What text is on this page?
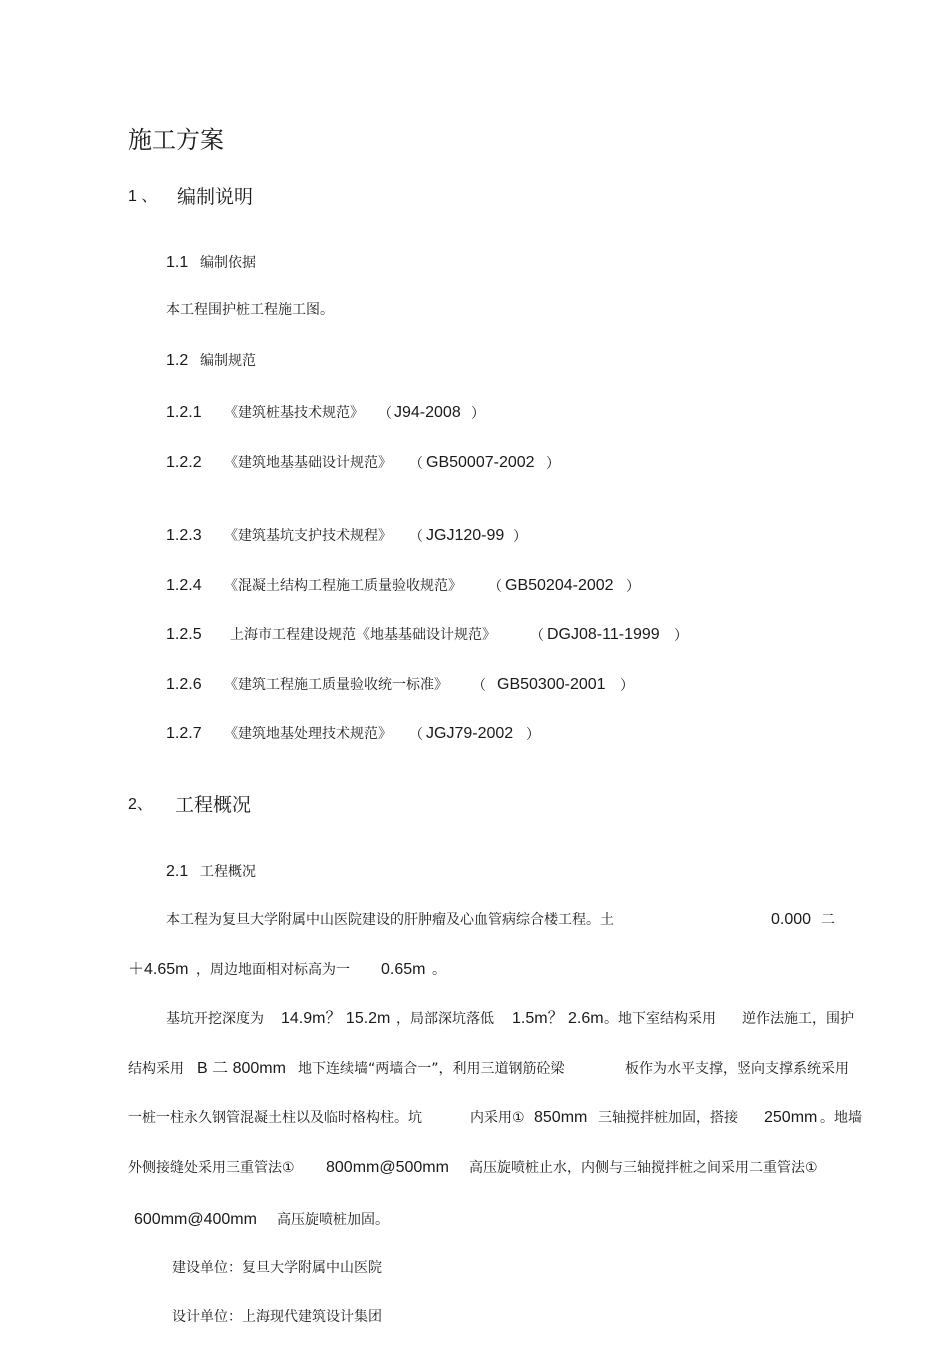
施工方案
1 、 编制说明
1.1 编制依据
本工程围护桩工程施工图。
1.2 编制规范
1.2.1 《建筑桩基技术规范》 （ J94-2008 ）
1.2.2 《建筑地基基础设计规范》 （ GB50007-2002 ）
1.2.3 《建筑基坑支护技术规程》 （ JGJ120-99 ）
1.2.4 《混凝土结构工程施工质量验收规范》 （ GB50204-2002 ）
1.2.5 上海市工程建设规范《地基基础设计规范》 （ DGJ08-11-1999 ）
1.2.6 《建筑工程施工质量验收统一标准》 （ GB50300-2001 ）
1.2.7 《建筑地基处理技术规范》 （ JGJ79-2002 ）
2、 工程概况
2.1 工程概况
本工程为复旦大学附属中山医院建设的肝肿瘤及心血管病综合楼工程。土	0.000 二
＋4.65m ，周边地面相对标高为一 0.65m 。
基坑开挖深度为 14.9m？ 15.2m ，局部深坑落低 1.5m？ 2.6m 。地下室结构采用 逆作法施工，围护
结构采用 B 二 800mm 地下连续墙“两墙合一”，利用三道钢筋砼梁	板作为水平支撑，竖向支撑系统采用
一桩一柱永久钢管混凝土柱以及临时格构柱。坑	内采用① 850mm 三轴搅拌桩加固，搭接 250mm 。地墙
外侧接缝处采用三重管法① 800mm@500mm 高压旋喷桩止水，内侧与三轴搅拌桩之间采用二重管法①
600mm@400mm 高压旋喷桩加固。
建设单位：复旦大学附属中山医院
设计单位：上海现代建筑设计集团
